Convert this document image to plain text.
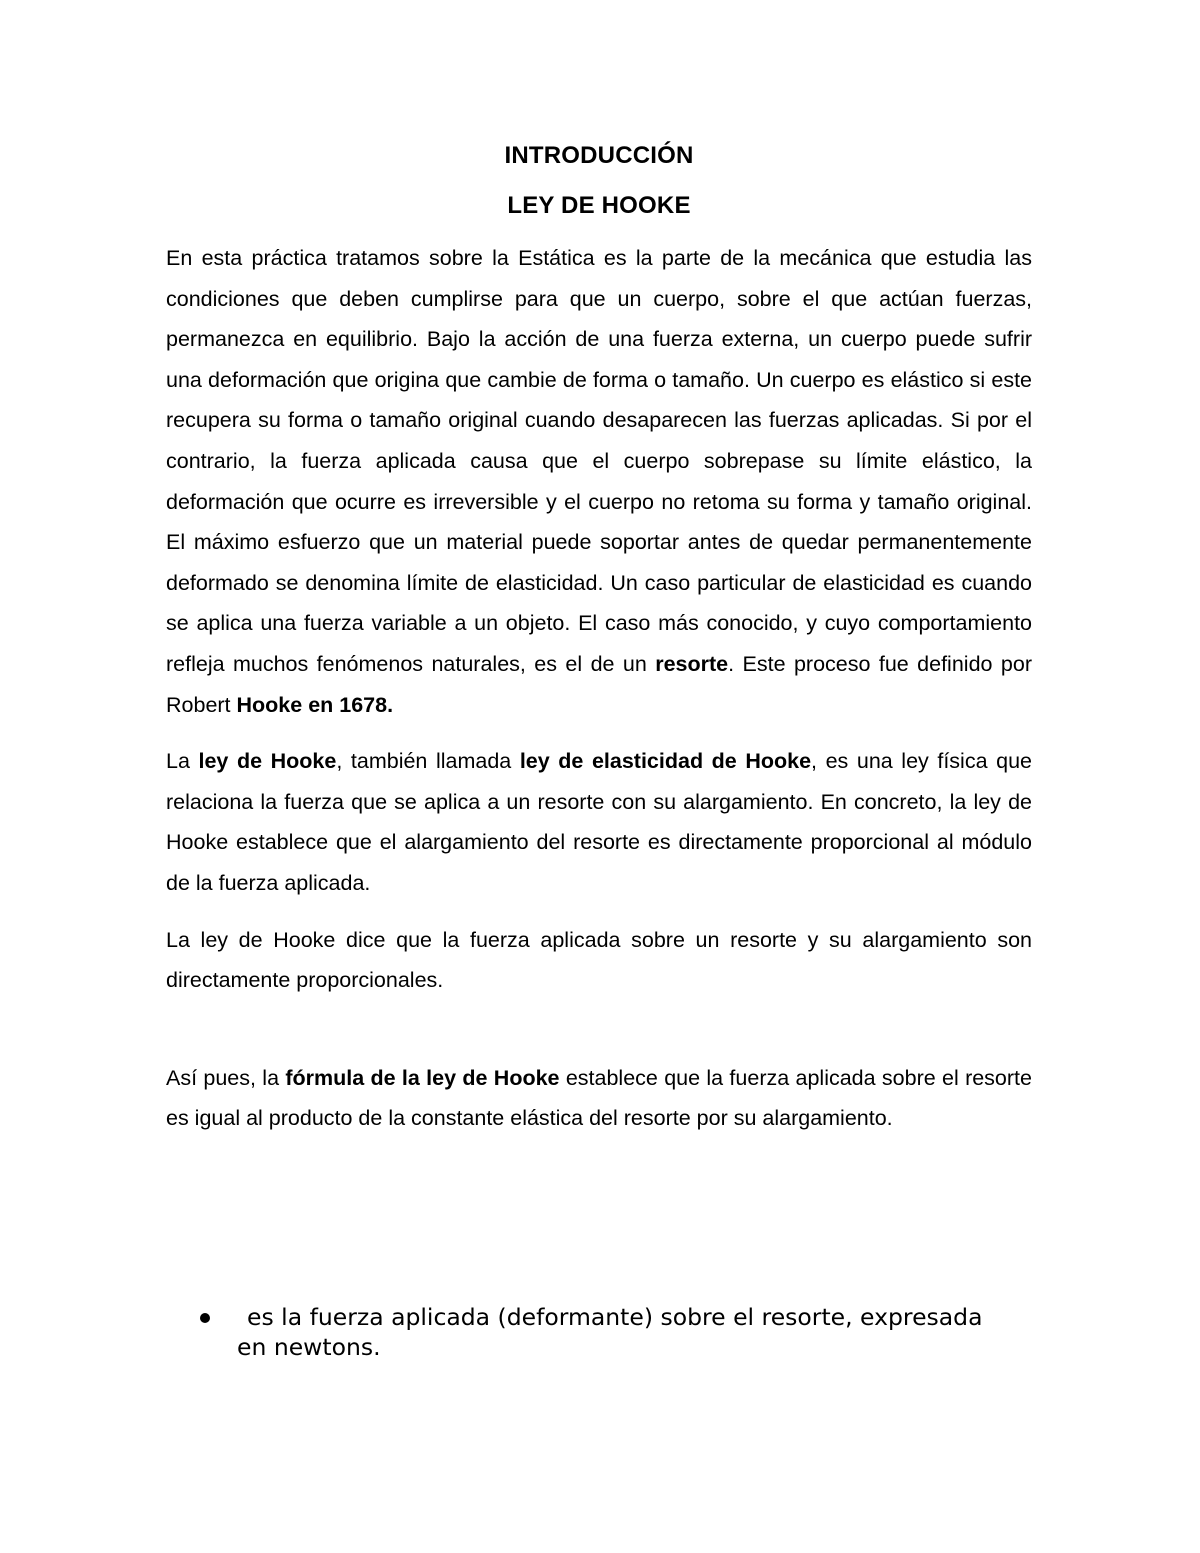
INTRODUCCIÓN
LEY DE HOOKE

En esta práctica tratamos sobre la Estática es la parte de la mecánica que estudia las condiciones que deben cumplirse para que un cuerpo, sobre el que actúan fuerzas, permanezca en equilibrio. Bajo la acción de una fuerza externa, un cuerpo puede sufrir una deformación que origina que cambie de forma o tamaño. Un cuerpo es elástico si este recupera su forma o tamaño original cuando desaparecen las fuerzas aplicadas. Si por el contrario, la fuerza aplicada causa que el cuerpo sobrepase su límite elástico, la deformación que ocurre es irreversible y el cuerpo no retoma su forma y tamaño original. El máximo esfuerzo que un material puede soportar antes de quedar permanentemente deformado se denomina límite de elasticidad. Un caso particular de elasticidad es cuando se aplica una fuerza variable a un objeto. El caso más conocido, y cuyo comportamiento refleja muchos fenómenos naturales, es el de un resorte. Este proceso fue definido por Robert Hooke en 1678.

La ley de Hooke, también llamada ley de elasticidad de Hooke, es una ley física que relaciona la fuerza que se aplica a un resorte con su alargamiento. En concreto, la ley de Hooke establece que el alargamiento del resorte es directamente proporcional al módulo de la fuerza aplicada.

La ley de Hooke dice que la fuerza aplicada sobre un resorte y su alargamiento son directamente proporcionales.

Así pues, la fórmula de la ley de Hooke establece que la fuerza aplicada sobre el resorte es igual al producto de la constante elástica del resorte por su alargamiento.

es la fuerza aplicada (deformante) sobre el resorte, expresada en newtons.
